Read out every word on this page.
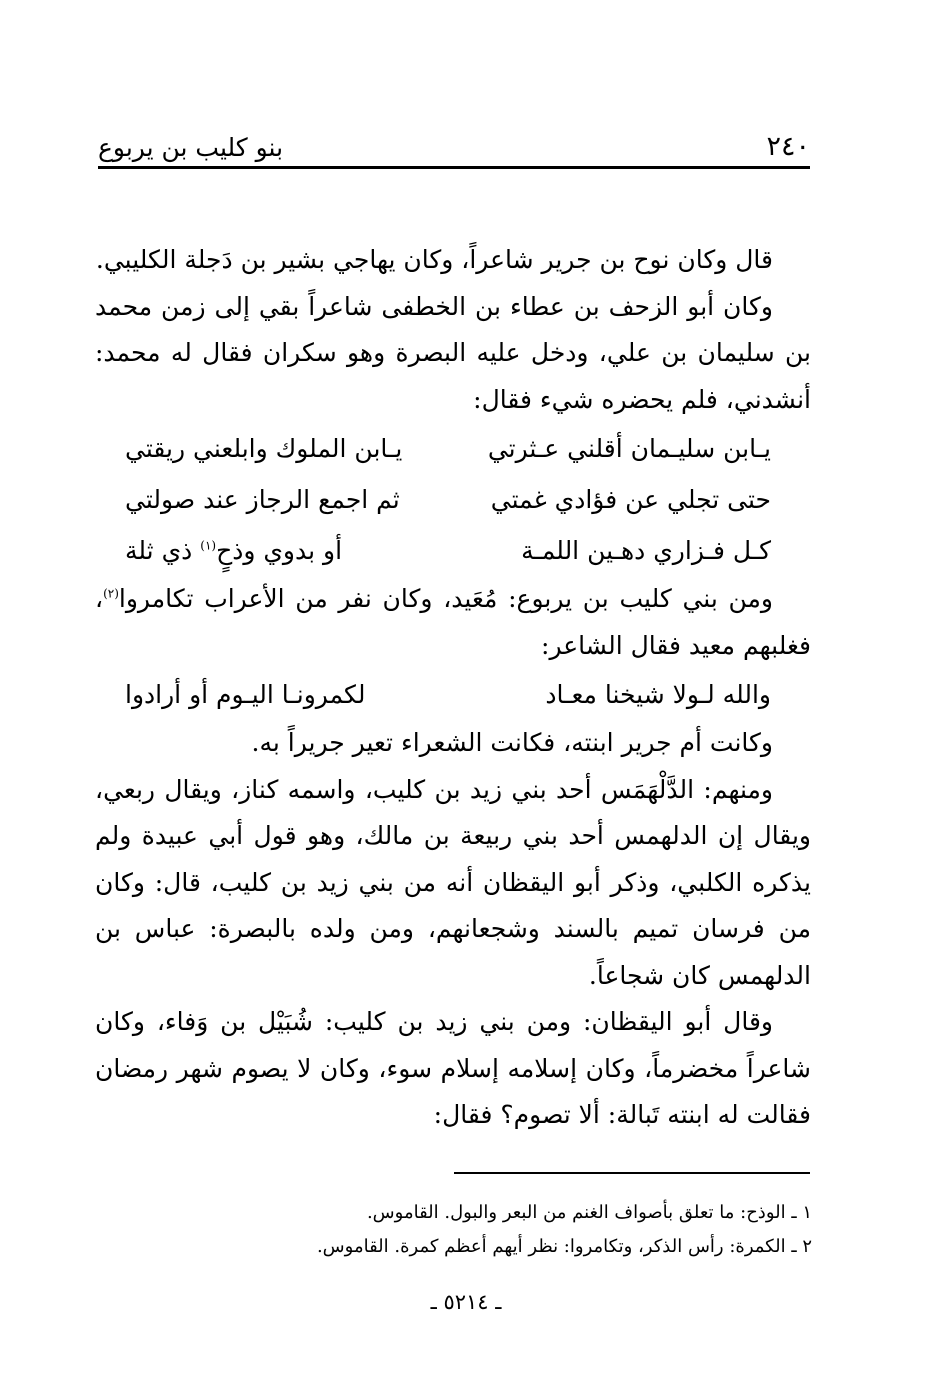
٢٤٠
بنو كليب بن يربوع

قال وكان نوح بن جرير شاعراً، وكان يهاجي بشير بن دَجلة الكليبي.

وكان أبو الزحف بن عطاء بن الخطفى شاعراً بقي إلى زمن محمد بن سليمان بن علي، ودخل عليه البصرة وهو سكران فقال له محمد: أنشدني، فلم يحضره شيء فقال:

يـابن سليـمان أقلني عـثرتي
يـابن الملوك وابلعني ريقتي
حتى تجلي عن فؤادي غمتي
ثم اجمع الرجاز عند صولتي
كـل فـزاري دهـين اللمـة
أو بدوي وذحٍ$^{(١)}$ ذي ثلة

ومن بني كليب بن يربوع: مُعَيد، وكان نفر من الأعراب تكامروا$^{(٢)}$، فغلبهم معيد فقال الشاعر:

والله لـولا شيخنا معـاد
لكمرونـا اليـوم أو أرادوا

وكانت أم جرير ابنته، فكانت الشعراء تعير جريراً به.

ومنهم: الدَّلْهَمَس أحد بني زيد بن كليب، واسمه كناز، ويقال ربعي، ويقال إن الدلهمس أحد بني ربيعة بن مالك، وهو قول أبي عبيدة ولم يذكره الكلبي، وذكر أبو اليقظان أنه من بني زيد بن كليب، قال: وكان من فرسان تميم بالسند وشجعانهم، ومن ولده بالبصرة: عباس بن الدلهمس كان شجاعاً.

وقال أبو اليقظان: ومن بني زيد بن كليب: شُبَيْل بن وَفاء، وكان شاعراً مخضرماً، وكان إسلامه إسلام سوء، وكان لا يصوم شهر رمضان فقالت له ابنته تَبالة: ألا تصوم؟ فقال:

١ ـ الوذح: ما تعلق بأصواف الغنم من البعر والبول. القاموس.

٢ ـ الكمرة: رأس الذكر، وتكامروا: نظر أيهم أعظم كمرة. القاموس.

ـ ٥٢١٤ ـ
